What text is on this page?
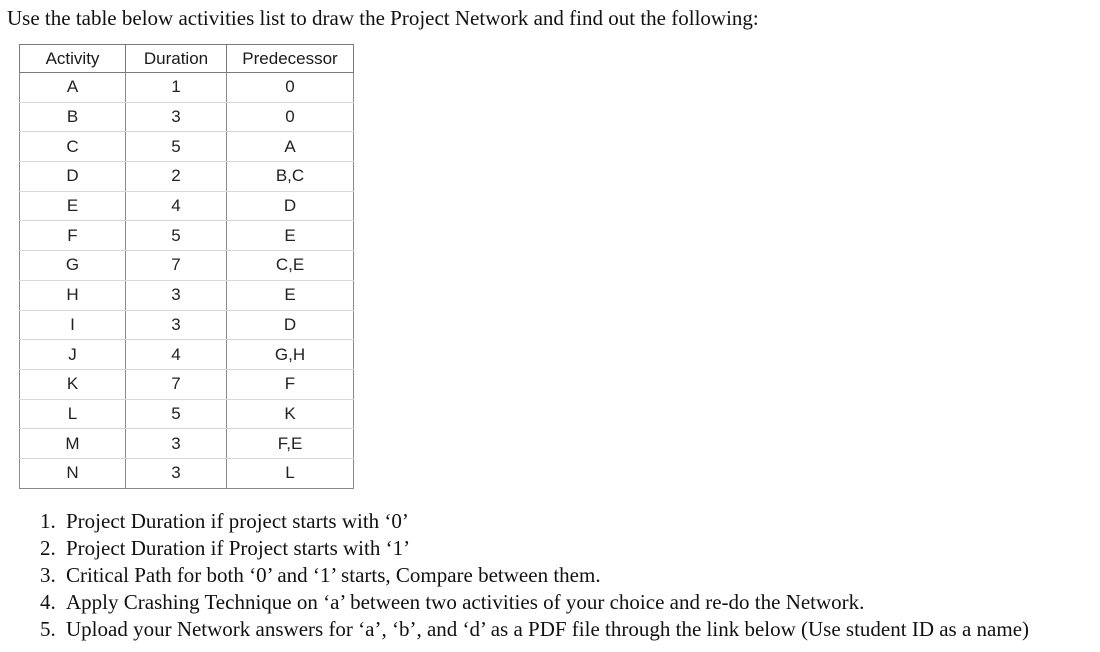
Use the table below activities list to draw the Project Network and find out the following:

Activity	Duration	Predecessor
A	1	0
B	3	0
C	5	A
D	2	B,C
E	4	D
F	5	E
G	7	C,E
H	3	E
I	3	D
J	4	G,H
K	7	F
L	5	K
M	3	F,E
N	3	L
1. Project Duration if project starts with ‘0’
2. Project Duration if Project starts with ‘1’
3. Critical Path for both ‘0’ and ‘1’ starts, Compare between them.
4. Apply Crashing Technique on ‘a’ between two activities of your choice and re-do the Network.
5. Upload your Network answers for ‘a’, ‘b’, and ‘d’ as a PDF file through the link below (Use student ID as a name)
